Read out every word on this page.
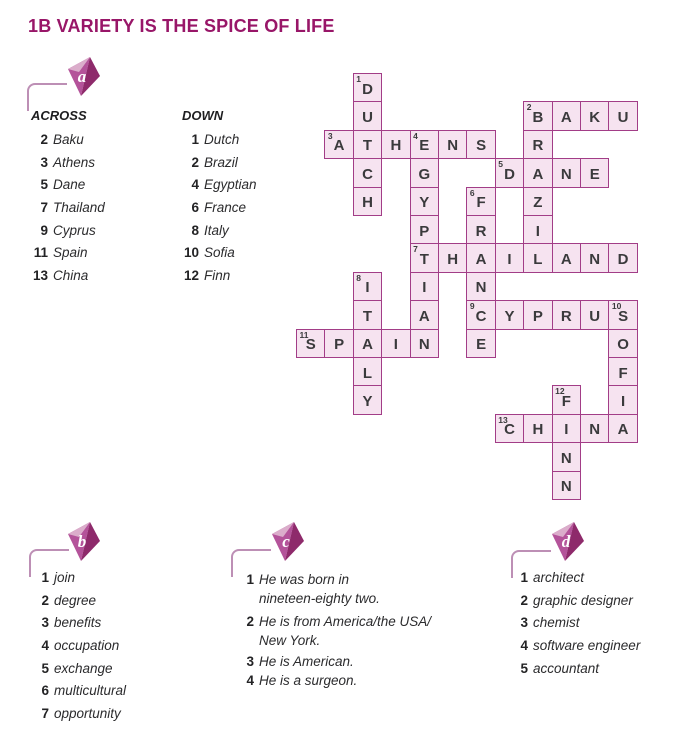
1B VARIETY IS THE SPICE OF LIFE
a
ACROSS
2 Baku
3 Athens
5 Dane
7 Thailand
9 Cyprus
11 Spain
13 China
DOWN
1 Dutch
2 Brazil
4 Egyptian
6 France
8 Italy
10 Sofia
12 Finn
1
D
U
2
B A K U
3
A T H
4
E N S	R
C	G
5
D A N E
H	Y
6
F	Z
P	R	I
7
T H A I L A N D
8
I	I	N
T	A
9
C Y P R U
10
S
11
S P A I N	E	O
L	F
Y
12
F	I
13
C H I N A
N
N
b
1 join
2 degree
3 benefits
4 occupation
5 exchange
6 multicultural
7 opportunity
c
1 He was born in
nineteen-eighty two.
2 He is from America/the USA/
New York.
3 He is American.
4 He is a surgeon.
d
1 architect
2 graphic designer
3 chemist
4 software engineer
5 accountant
